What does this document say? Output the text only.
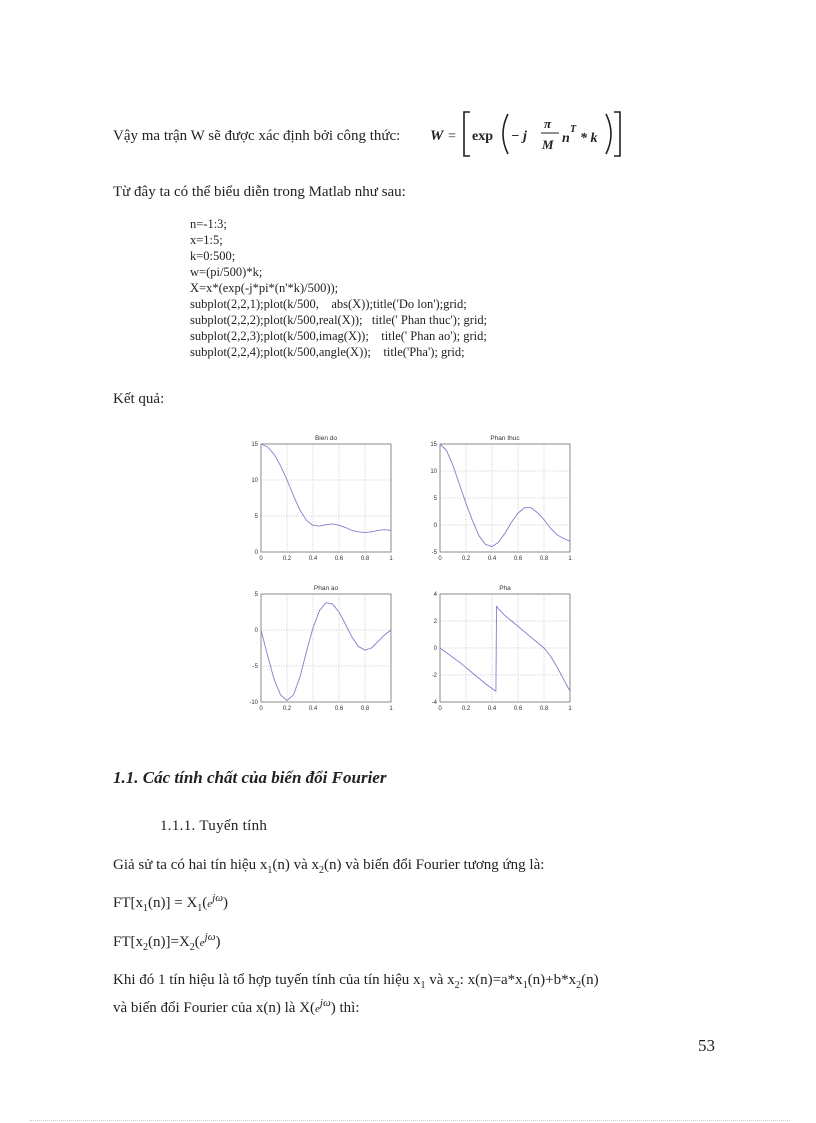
Vậy ma trận W sẽ được xác định bởi công thức: W = exp − j
π
M n
T
* k
Từ đây ta có thể biểu diễn trong Matlab như sau:
n=-1:3;
x=1:5;
k=0:500;
w=(pi/500)*k;
X=x*(exp(-j*pi*(n'*k)/500));
subplot(2,2,1);plot(k/500,    abs(X));title('Do lon');grid;
subplot(2,2,2);plot(k/500,real(X));   title(' Phan thuc'); grid;
subplot(2,2,3);plot(k/500,imag(X));    title(' Phan ao'); grid;
subplot(2,2,4);plot(k/500,angle(X));    title('Pha'); grid;
Kết quả:
Bien do
0	0.2	0.4	0.6	0.8	1
0
5
10
15
Phan thuc
0	0.2	0.4	0.6	0.8	1
-5
0
5
10
15
Phan ao
0	0.2	0.4	0.6	0.8	1
-10
-5
0
5
Pha
0	0.2	0.4	0.6	0.8	1
-4
-2
0
2
4
1.1. Các tính chất của biến đổi Fourier
1.1.1. Tuyến tính
Giả sử ta có hai tín hiệu $x_1(n)$ và $x_2(n)$ và biến đổi Fourier tương ứng là:
$FT[x_1(n)] = X_1(e^{j\omega})$
$FT[x_2(n)]=X_2(e^{j\omega})$
Khi đó 1 tín hiệu là tổ hợp tuyến tính của tín hiệu $x_1$ và $x_2$: $x(n)=a*x_1(n)+b*x_2(n)$
và biến đổi Fourier của x(n) là $X(e^{j\omega})$ thì:
53
